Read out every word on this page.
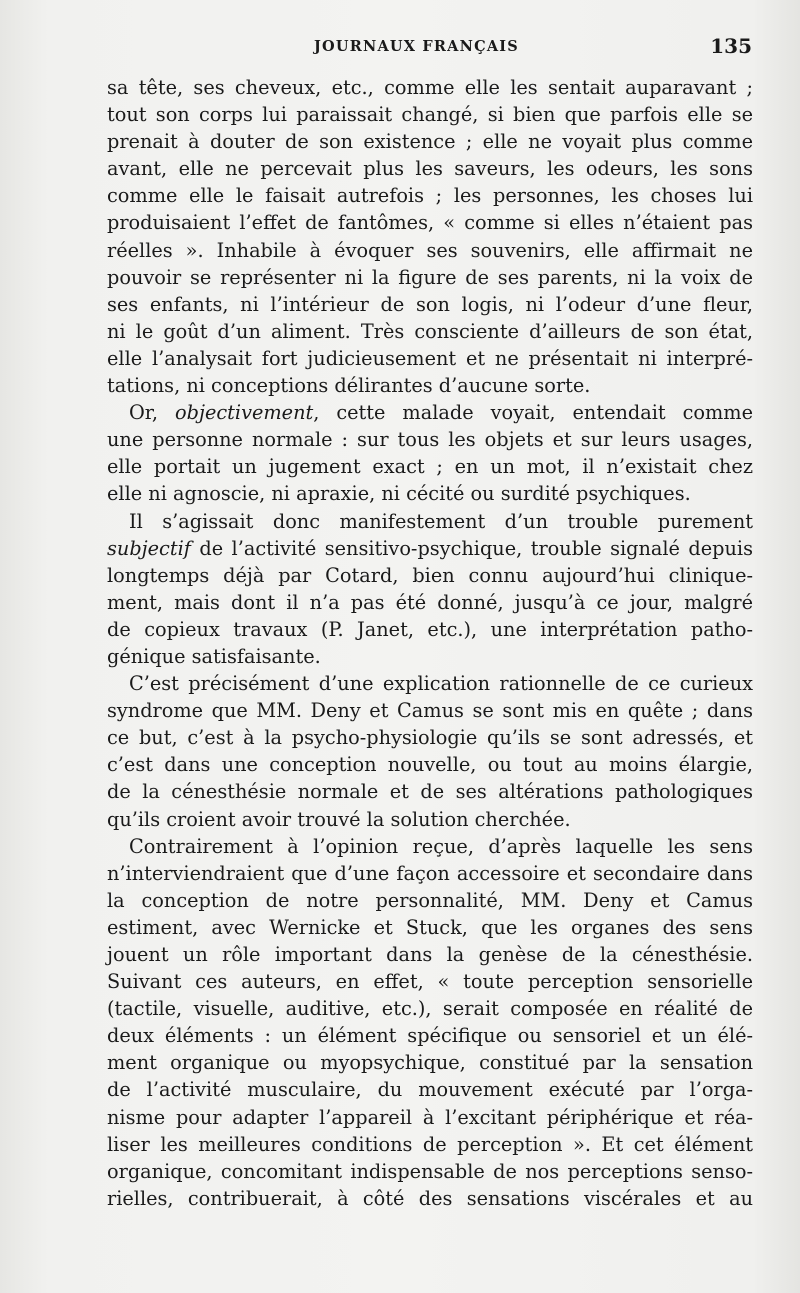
JOURNAUX FRANÇAIS	135
sa tête, ses cheveux, etc., comme elle les sentait auparavant ;
tout son corps lui paraissait changé, si bien que parfois elle se
prenait à douter de son existence ; elle ne voyait plus comme
avant, elle ne percevait plus les saveurs, les odeurs, les sons
comme elle le faisait autrefois ; les personnes, les choses lui
produisaient l’effet de fantômes, « comme si elles n’étaient pas
réelles ». Inhabile à évoquer ses souvenirs, elle affirmait ne
pouvoir se représenter ni la figure de ses parents, ni la voix de
ses enfants, ni l’intérieur de son logis, ni l’odeur d’une fleur,
ni le goût d’un aliment. Très consciente d’ailleurs de son état,
elle l’analysait fort judicieusement et ne présentait ni interpré-
tations, ni conceptions délirantes d’aucune sorte.
Or, objectivement, cette malade voyait, entendait comme
une personne normale : sur tous les objets et sur leurs usages,
elle portait un jugement exact ; en un mot, il n’existait chez
elle ni agnoscie, ni apraxie, ni cécité ou surdité psychiques.
Il s’agissait donc manifestement d’un trouble purement
subjectif de l’activité sensitivo-psychique, trouble signalé depuis
longtemps déjà par Cotard, bien connu aujourd’hui clinique-
ment, mais dont il n’a pas été donné, jusqu’à ce jour, malgré
de copieux travaux (P. Janet, etc.), une interprétation patho-
génique satisfaisante.
C’est précisément d’une explication rationnelle de ce curieux
syndrome que MM. Deny et Camus se sont mis en quête ; dans
ce but, c’est à la psycho-physiologie qu’ils se sont adressés, et
c’est dans une conception nouvelle, ou tout au moins élargie,
de la cénesthésie normale et de ses altérations pathologiques
qu’ils croient avoir trouvé la solution cherchée.
Contrairement à l’opinion reçue, d’après laquelle les sens
n’interviendraient que d’une façon accessoire et secondaire dans
la conception de notre personnalité, MM. Deny et Camus
estiment, avec Wernicke et Stuck, que les organes des sens
jouent un rôle important dans la genèse de la cénesthésie.
Suivant ces auteurs, en effet, « toute perception sensorielle
(tactile, visuelle, auditive, etc.), serait composée en réalité de
deux éléments : un élément spécifique ou sensoriel et un élé-
ment organique ou myopsychique, constitué par la sensation
de l’activité musculaire, du mouvement exécuté par l’orga-
nisme pour adapter l’appareil à l’excitant périphérique et réa-
liser les meilleures conditions de perception ». Et cet élément
organique, concomitant indispensable de nos perceptions senso-
rielles, contribuerait, à côté des sensations viscérales et au
